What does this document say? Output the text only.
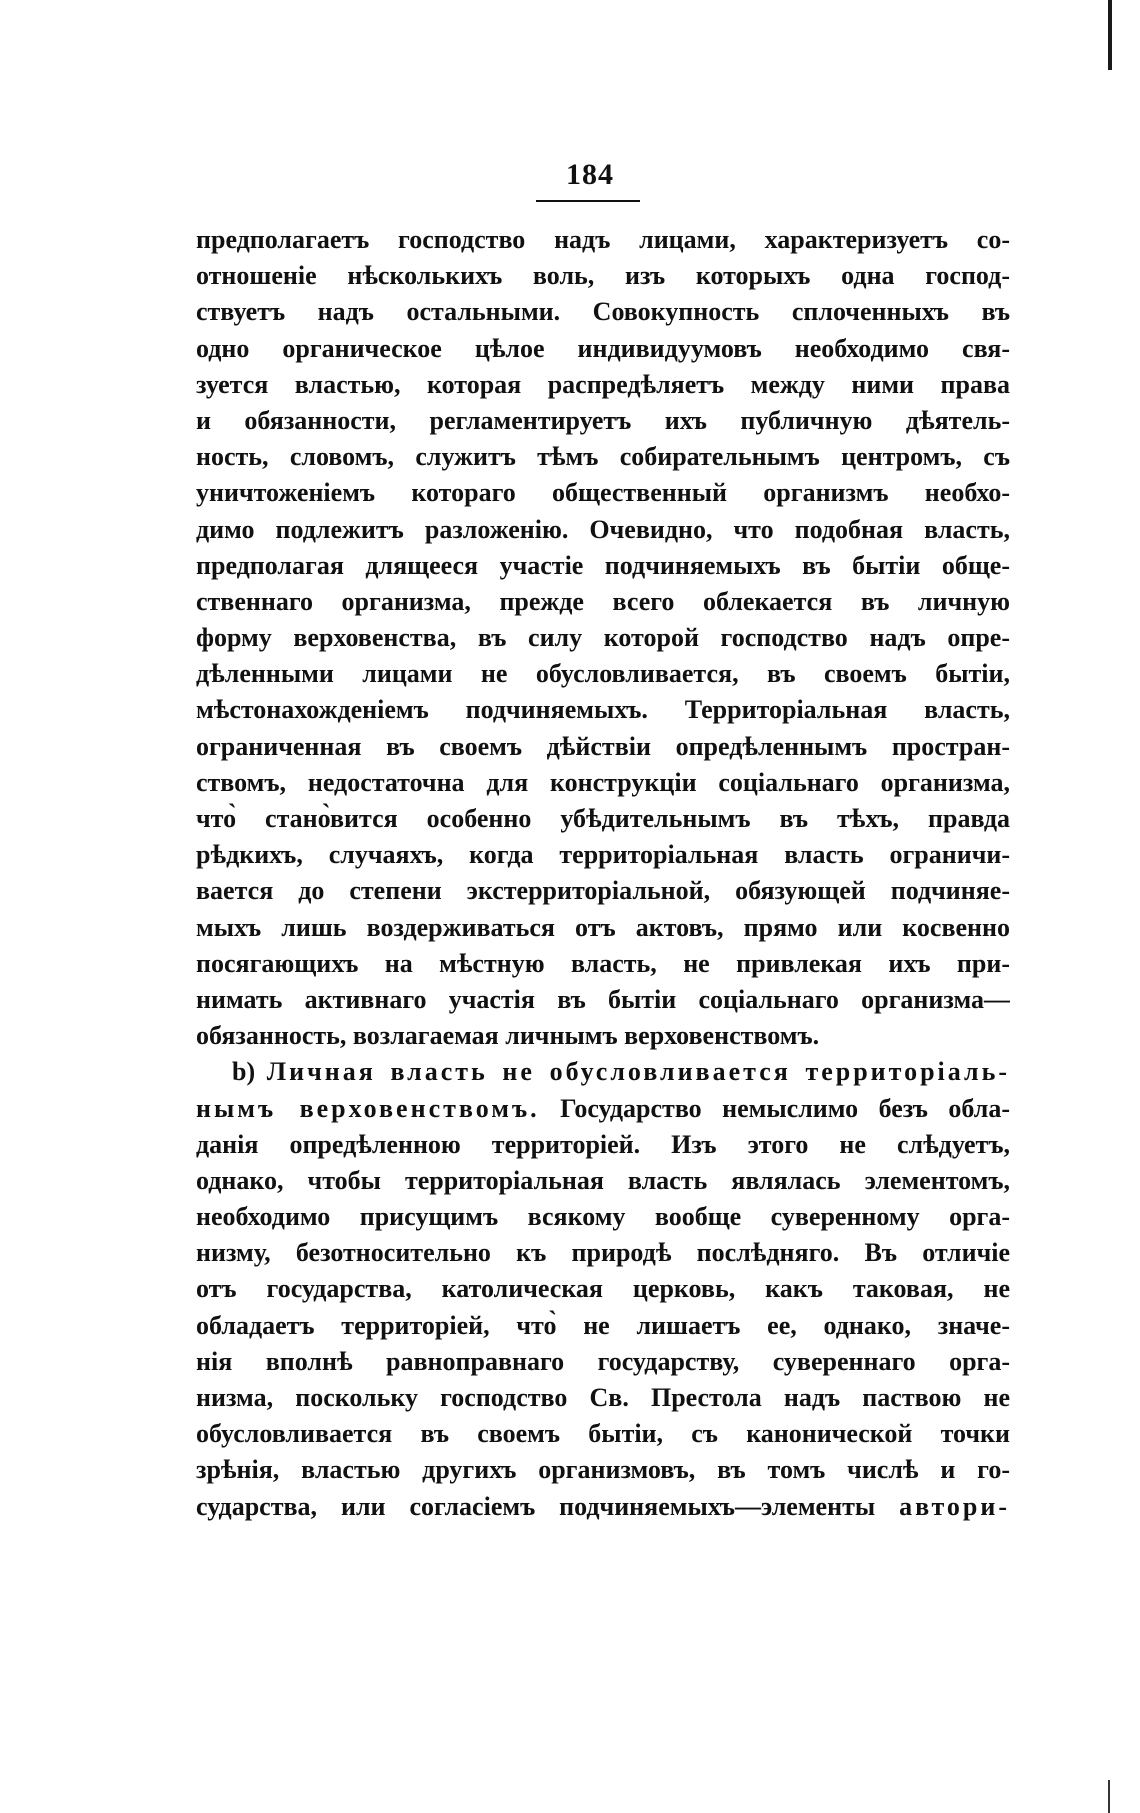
184
предполагаетъ господство надъ лицами, характеризуетъ со-
отношеніе нѣсколькихъ воль, изъ которыхъ одна господ-
ствуетъ надъ остальными. Совокупность сплоченныхъ въ
одно органическое цѣлое индивидуумовъ необходимо свя-
зуется властью, которая распредѣляетъ между ними права
и обязанности, регламентируетъ ихъ публичную дѣятель-
ность, словомъ, служитъ тѣмъ собирательнымъ центромъ, съ
уничтоженіемъ котораго общественный организмъ необхо-
димо подлежитъ разложенію. Очевидно, что подобная власть,
предполагая длящееся участіе подчиняемыхъ въ бытіи обще-
ственнаго организма, прежде всего облекается въ личную
форму верховенства, въ силу которой господство надъ опре-
дѣленными лицами не обусловливается, въ своемъ бытіи,
мѣстонахожденіемъ подчиняемыхъ. Территоріальная власть,
ограниченная въ своемъ дѣйствіи опредѣленнымъ простран-
ствомъ, недостаточна для конструкціи соціальнаго организма,
что̀ стано̀вится особенно убѣдительнымъ въ тѣхъ, правда
рѣдкихъ, случаяхъ, когда территоріальная власть ограничи-
вается до степени экстерриторіальной, обязующей подчиняе-
мыхъ лишь воздерживаться отъ актовъ, прямо или косвенно
посягающихъ на мѣстную власть, не привлекая ихъ при-
нимать активнаго участія въ бытіи соціальнаго организма—
обязанность, возлагаемая личнымъ верховенствомъ.
b) Личная власть не обусловливается территоріаль-
нымъ верховенствомъ. Государство немыслимо безъ обла-
данія опредѣленною территоріей. Изъ этого не слѣдуетъ,
однако, чтобы территоріальная власть являлась элементомъ,
необходимо присущимъ всякому вообще суверенному орга-
низму, безотносительно къ природѣ послѣдняго. Въ отличіе
отъ государства, католическая церковь, какъ таковая, не
обладаетъ территоріей, что̀ не лишаетъ ее, однако, значе-
нія вполнѣ равноправнаго государству, сувереннаго орга-
низма, поскольку господство Св. Престола надъ паствою не
обусловливается въ своемъ бытіи, съ канонической точки
зрѣнія, властью другихъ организмовъ, въ томъ числѣ и го-
сударства, или согласіемъ подчиняемыхъ—элементы автори-
